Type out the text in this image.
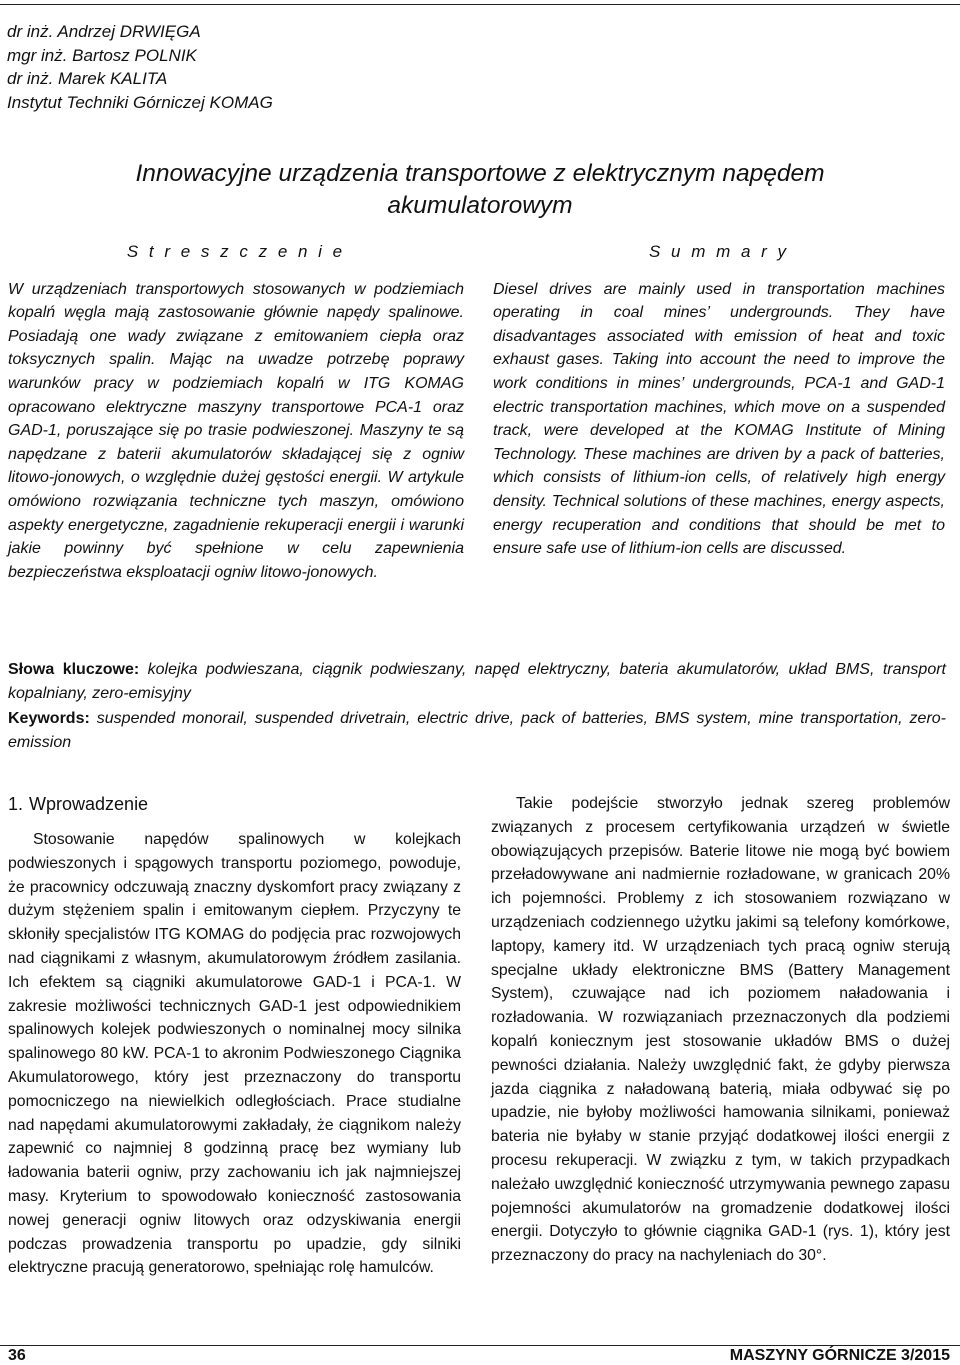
dr inż. Andrzej DRWIĘGA
mgr inż. Bartosz POLNIK
dr inż. Marek KALITA
Instytut Techniki Górniczej KOMAG
Innowacyjne urządzenia transportowe z elektrycznym napędem akumulatorowym
S t r e s z c z e n i e
W urządzeniach transportowych stosowanych w podziemiach kopalń węgla mają zastosowanie głównie napędy spalinowe. Posiadają one wady związane z emitowaniem ciepła oraz toksycznych spalin. Mając na uwadze potrzebę poprawy warunków pracy w podziemiach kopalń w ITG KOMAG opracowano elektryczne maszyny transportowe PCA-1 oraz GAD-1, poruszające się po trasie podwieszonej. Maszyny te są napędzane z baterii akumulatorów składającej się z ogniw litowo-jonowych, o względnie dużej gęstości energii. W artykule omówiono rozwiązania techniczne tych maszyn, omówiono aspekty energetyczne, zagadnienie rekuperacji energii i warunki jakie powinny być spełnione w celu zapewnienia bezpieczeństwa eksploatacji ogniw litowo-jonowych.
S u m m a r y
Diesel drives are mainly used in transportation machines operating in coal mines’ undergrounds. They have disadvantages associated with emission of heat and toxic exhaust gases. Taking into account the need to improve the work conditions in mines’ undergrounds, PCA-1 and GAD-1 electric transportation machines, which move on a suspended track, were developed at the KOMAG Institute of Mining Technology. These machines are driven by a pack of batteries, which consists of lithium-ion cells, of relatively high energy density. Technical solutions of these machines, energy aspects, energy recuperation and conditions that should be met to ensure safe use of lithium-ion cells are discussed.
Słowa kluczowe: kolejka podwieszana, ciągnik podwieszany, napęd elektryczny, bateria akumulatorów, układ BMS, transport kopalniany, zero-emisyjny
Keywords: suspended monorail, suspended drivetrain, electric drive, pack of batteries, BMS system, mine transportation, zero-emission
1. Wprowadzenie

Stosowanie napędów spalinowych w kolejkach podwieszonych i spągowych transportu poziomego, powoduje, że pracownicy odczuwają znaczny dyskomfort pracy związany z dużym stężeniem spalin i emitowanym ciepłem. Przyczyny te skłoniły specjalistów ITG KOMAG do podjęcia prac rozwojowych nad ciągnikami z własnym, akumulatorowym źródłem zasilania. Ich efektem są ciągniki akumulatorowe GAD-1 i PCA-1. W zakresie możliwości technicznych GAD-1 jest odpowiednikiem spalinowych kolejek podwieszonych o nominalnej mocy silnika spalinowego 80 kW. PCA-1 to akronim Podwieszonego Ciągnika Akumulatorowego, który jest przeznaczony do transportu pomocniczego na niewielkich odległościach. Prace studialne nad napędami akumulatorowymi zakładały, że ciągnikom należy zapewnić co najmniej 8 godzinną pracę bez wymiany lub ładowania baterii ogniw, przy zachowaniu ich jak najmniejszej masy. Kryterium to spowodowało konieczność zastosowania nowej generacji ogniw litowych oraz odzyskiwania energii podczas prowadzenia transportu po upadzie, gdy silniki elektryczne pracują generatorowo, spełniając rolę hamulców.

Takie podejście stworzyło jednak szereg problemów związanych z procesem certyfikowania urządzeń w świetle obowiązujących przepisów. Baterie litowe nie mogą być bowiem przeładowywane ani nadmiernie rozładowane, w granicach 20% ich pojemności. Problemy z ich stosowaniem rozwiązano w urządzeniach codziennego użytku jakimi są telefony komórkowe, laptopy, kamery itd. W urządzeniach tych pracą ogniw sterują specjalne układy elektroniczne BMS (Battery Management System), czuwające nad ich poziomem naładowania i rozładowania. W rozwiązaniach przeznaczonych dla podziemi kopalń koniecznym jest stosowanie układów BMS o dużej pewności działania. Należy uwzględnić fakt, że gdyby pierwsza jazda ciągnika z naładowaną baterią, miała odbywać się po upadzie, nie byłoby możliwości hamowania silnikami, ponieważ bateria nie byłaby w stanie przyjąć dodatkowej ilości energii z procesu rekuperacji. W związku z tym, w takich przypadkach należało uwzględnić konieczność utrzymywania pewnego zapasu pojemności akumulatorów na gromadzenie dodatkowej ilości energii. Dotyczyło to głównie ciągnika GAD-1 (rys. 1), który jest przeznaczony do pracy na nachyleniach do 30°.

36	MASZYNY GÓRNICZE 3/2015
